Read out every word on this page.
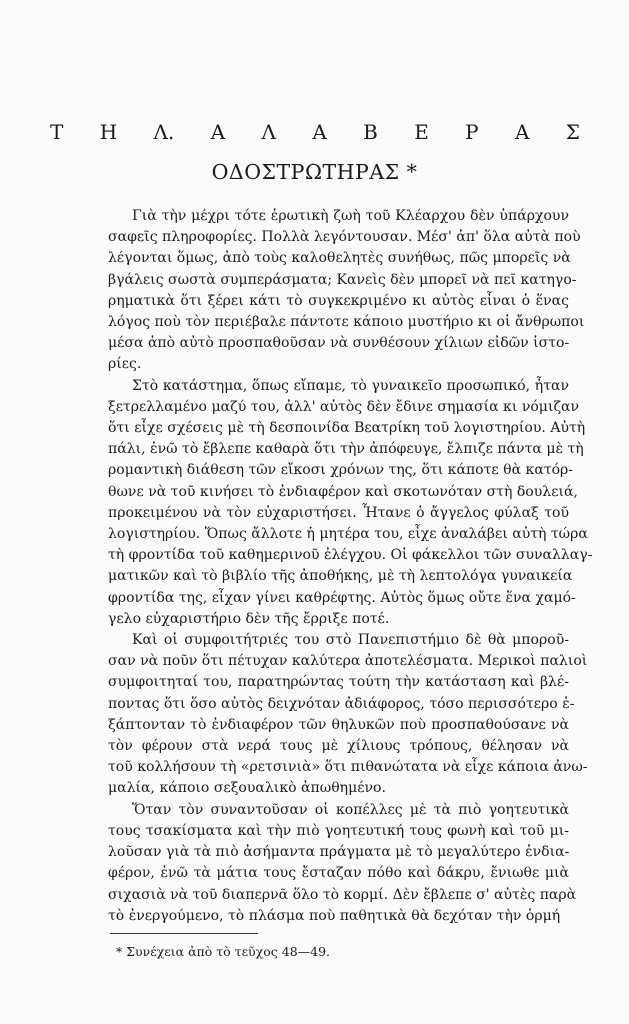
Τ Η Λ. Α Λ Α Β Ε Ρ Α Σ
ΟΔΟΣΤΡΩΤΗΡΑΣ *

Γιὰ τὴν μέχρι τότε ἐρωτικὴ ζωὴ τοῦ Κλέαρχου δὲν ὑπάρχουν
σαφεῖς πληροφορίες. Πολλὰ λεγόντουσαν. Μέσ' ἀπ' ὅλα αὐτὰ ποὺ
λέγονται ὅμως, ἀπὸ τοὺς καλοθελητὲς συνήθως, πῶς μπορεῖς νὰ
βγάλεις σωστὰ συμπεράσματα; Κανεὶς δὲν μπορεῖ νὰ πεῖ κατηγο-
ρηματικὰ ὅτι ξέρει κάτι τὸ συγκεκριμένο κι αὐτὸς εἶναι ὁ ἕνας
λόγος ποὺ τὸν περιέβαλε πάντοτε κάποιο μυστήριο κι οἱ ἄνθρωποι
μέσα ἀπὸ αὐτὸ προσπαθοῦσαν νὰ συνθέσουν χίλιων εἰδῶν ἱστο-
ρίες.

Στὸ κατάστημα, ὅπως εἴπαμε, τὸ γυναικεῖο προσωπικό, ἦταν
ξετρελλαμένο μαζύ του, ἀλλ' αὐτὸς δὲν ἔδινε σημασία κι νόμιζαν
ὅτι εἶχε σχέσεις μὲ τὴ δεσποινίδα Βεατρίκη τοῦ λογιστηρίου. Αὐτὴ
πάλι, ἐνῶ τὸ ἔβλεπε καθαρὰ ὅτι τὴν ἀπόφευγε, ἔλπιζε πάντα μὲ τὴ
ρομαντικὴ διάθεση τῶν εἴκοσι χρόνων της, ὅτι κάποτε θὰ κατόρ-
θωνε νὰ τοῦ κινήσει τὸ ἐνδιαφέρον καὶ σκοτωνόταν στὴ δουλειά,
προκειμένου νὰ τὸν εὐχαριστήσει. Ἦτανε ὁ ἄγγελος φύλαξ τοῦ
λογιστηρίου. Ὅπως ἄλλοτε ἡ μητέρα του, εἶχε ἀναλάβει αὐτὴ τώρα
τὴ φροντίδα τοῦ καθημερινοῦ ἐλέγχου. Οἱ φάκελλοι τῶν συναλλαγ-
ματικῶν καὶ τὸ βιβλίο τῆς ἀποθήκης, μὲ τὴ λεπτολόγα γυναικεία
φροντίδα της, εἶχαν γίνει καθρέφτης. Αὐτὸς ὅμως οὔτε ἕνα χαμό-
γελο εὐχαριστήριο δὲν τῆς ἔρριξε ποτέ.

Καὶ οἱ συμφοιτήτριές του στὸ Πανεπιστήμιο δὲ θὰ μποροῦ-
σαν νὰ ποῦν ὅτι πέτυχαν καλύτερα ἀποτελέσματα. Μερικοὶ παλιοὶ
συμφοιτηταί του, παρατηρώντας τούτη τὴν κατάσταση καὶ βλέ-
ποντας ὅτι ὅσο αὐτὸς δειχνόταν ἀδιάφορος, τόσο περισσότερο ἐ-
ξάπτονταν τὸ ἐνδιαφέρον τῶν θηλυκῶν ποὺ προσπαθούσανε νὰ
τὸν φέρουν στὰ νερά τους μὲ χίλιους τρόπους, θέλησαν νὰ
τοῦ κολλήσουν τὴ «ρετσινιὰ» ὅτι πιθανώτατα νὰ εἶχε κάποια ἀνω-
μαλία, κάποιο σεξουαλικὸ ἀπωθημένο.

Ὅταν τὸν συναντοῦσαν οἱ κοπέλλες μὲ τὰ πιὸ γοητευτικὰ
τους τσακίσματα καὶ τὴν πιὸ γοητευτική τους φωνὴ καὶ τοῦ μι-
λοῦσαν γιὰ τὰ πιὸ ἀσήμαντα πράγματα μὲ τὸ μεγαλύτερο ἐνδια-
φέρον, ἐνῶ τὰ μάτια τους ἔσταζαν πόθο καὶ δάκρυ, ἔνιωθε μιὰ
σιχασιὰ νὰ τοῦ διαπερνᾶ ὅλο τὸ κορμί. Δὲν ἔβλεπε σ' αὐτὲς παρὰ
τὸ ἐνεργούμενο, τὸ πλάσμα ποὺ παθητικὰ θὰ δεχόταν τὴν ὁρμή

* Συνέχεια ἀπὸ τὸ τεῦχος 48—49.
